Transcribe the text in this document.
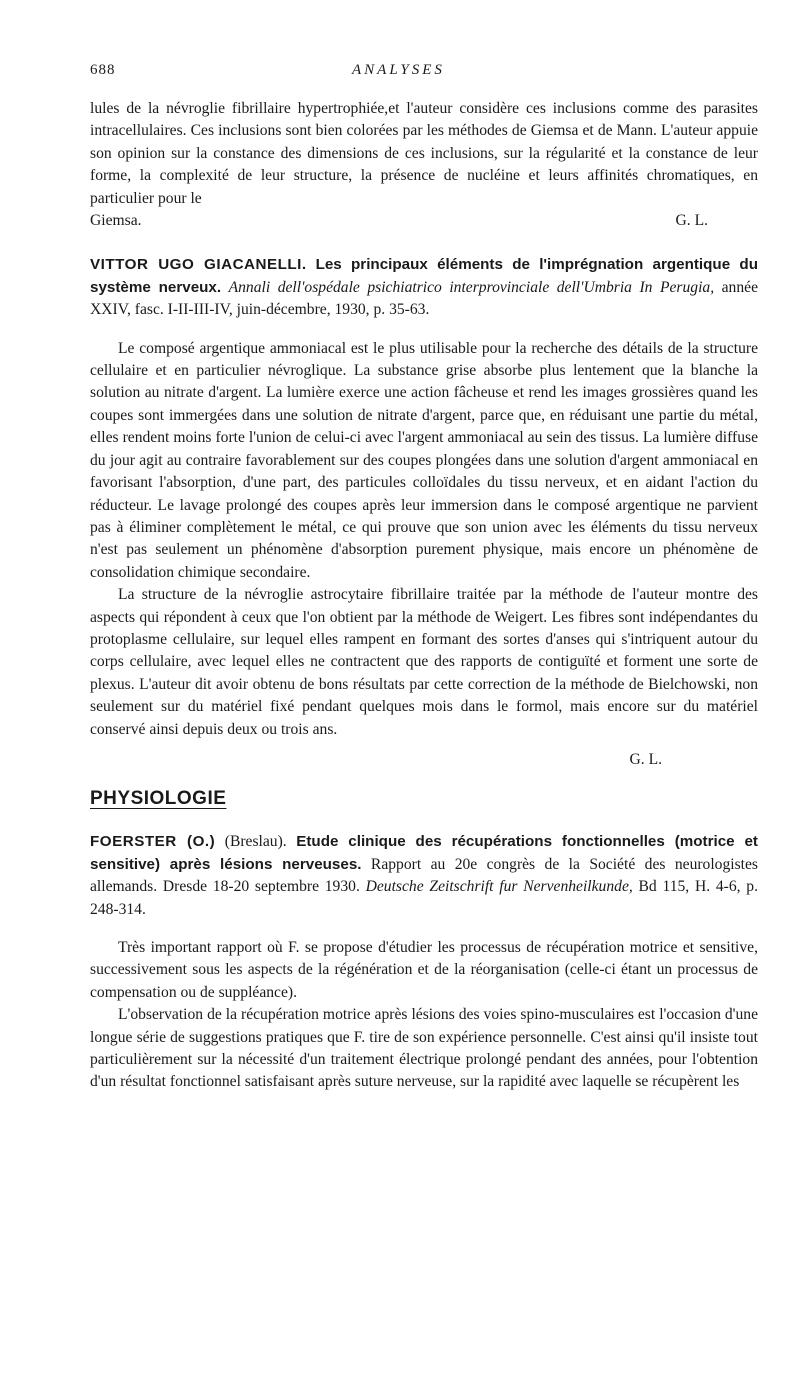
688	ANALYSES

lules de la névroglie fibrillaire hypertrophiée,et l'auteur considère ces inclusions comme des parasites intracellulaires. Ces inclusions sont bien colorées par les méthodes de Giemsa et de Mann. L'auteur appuie son opinion sur la constance des dimensions de ces inclusions, sur la régularité et la constance de leur forme, la complexité de leur structure, la présence de nucléine et leurs affinités chromatiques, en particulier pour le

Giemsa.	G. L.

VITTOR UGO GIACANELLI. Les principaux éléments de l'imprégnation argentique du système nerveux. Annali dell'ospédale psichiatrico interprovinciale dell'Umbria In Perugia, année XXIV, fasc. I-II-III-IV, juin-décembre, 1930, p. 35-63.

Le composé argentique ammoniacal est le plus utilisable pour la recherche des détails de la structure cellulaire et en particulier névroglique. La substance grise absorbe plus lentement que la blanche la solution au nitrate d'argent. La lumière exerce une action fâcheuse et rend les images grossières quand les coupes sont immergées dans une solution de nitrate d'argent, parce que, en réduisant une partie du métal, elles rendent moins forte l'union de celui-ci avec l'argent ammoniacal au sein des tissus. La lumière diffuse du jour agit au contraire favorablement sur des coupes plongées dans une solution d'argent ammoniacal en favorisant l'absorption, d'une part, des particules colloïdales du tissu nerveux, et en aidant l'action du réducteur. Le lavage prolongé des coupes après leur immersion dans le composé argentique ne parvient pas à éliminer complètement le métal, ce qui prouve que son union avec les éléments du tissu nerveux n'est pas seulement un phénomène d'absorption purement physique, mais encore un phénomène de consolidation chimique secondaire.

La structure de la névroglie astrocytaire fibrillaire traitée par la méthode de l'auteur montre des aspects qui répondent à ceux que l'on obtient par la méthode de Weigert. Les fibres sont indépendantes du protoplasme cellulaire, sur lequel elles rampent en formant des sortes d'anses qui s'intriquent autour du corps cellulaire, avec lequel elles ne contractent que des rapports de contiguïté et forment une sorte de plexus. L'auteur dit avoir obtenu de bons résultats par cette correction de la méthode de Bielchowski, non seulement sur du matériel fixé pendant quelques mois dans le formol, mais encore sur du matériel conservé ainsi depuis deux ou trois ans.

G. L.
PHYSIOLOGIE

FOERSTER (O.) (Breslau). Etude clinique des récupérations fonctionnelles (motrice et sensitive) après lésions nerveuses. Rapport au 20e congrès de la Société des neurologistes allemands. Dresde 18-20 septembre 1930. Deutsche Zeitschrift fur Nervenheilkunde, Bd 115, H. 4-6, p. 248-314.

Très important rapport où F. se propose d'étudier les processus de récupération motrice et sensitive, successivement sous les aspects de la régénération et de la réorganisation (celle-ci étant un processus de compensation ou de suppléance).

L'observation de la récupération motrice après lésions des voies spino-musculaires est l'occasion d'une longue série de suggestions pratiques que F. tire de son expérience personnelle. C'est ainsi qu'il insiste tout particulièrement sur la nécessité d'un traitement électrique prolongé pendant des années, pour l'obtention d'un résultat fonctionnel satisfaisant après suture nerveuse, sur la rapidité avec laquelle se récupèrent les
